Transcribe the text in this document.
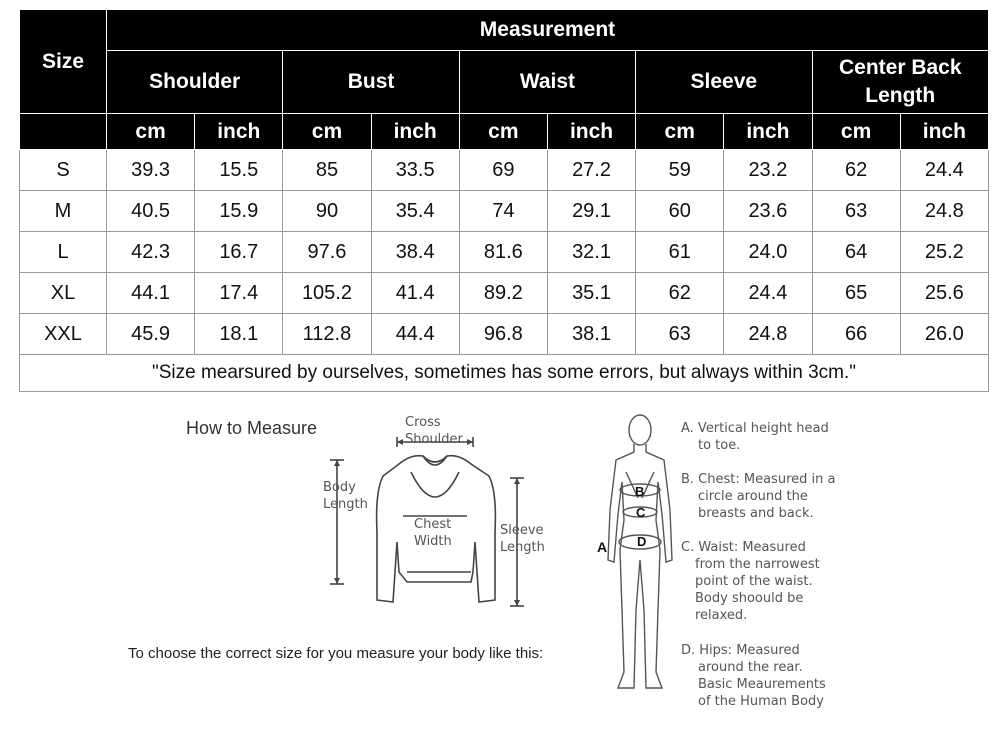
Size	Measurement									
	Shoulder		Bust		Waist		Sleeve		Center Back
Length	
	cm	inch	cm	inch	cm	inch	cm	inch	cm	inch
S	39.3	15.5	85	33.5	69	27.2	59	23.2	62	24.4
M	40.5	15.9	90	35.4	74	29.1	60	23.6	63	24.8
L	42.3	16.7	97.6	38.4	81.6	32.1	61	24.0	64	25.2
XL	44.1	17.4	105.2	41.4	89.2	35.1	62	24.4	65	25.6
XXL	45.9	18.1	112.8	44.4	96.8	38.1	63	24.8	66	26.0
"Size mearsured by ourselves, sometimes has some errors, but always within 3cm."										
How to Measure	Cross
Shoulder
Body
Length
Chest
Width
Sleeve
Length
To choose the correct size for you measure your body like this:
B
C
D
A
A. Vertical height head
to toe.
B. Chest: Measured in a
circle around the
breasts and back.
C. Waist: Measured
from the narrowest
point of the waist.
Body shoould be
relaxed.
D. Hips: Measured
around the rear.
Basic Meaurements
of the Human Body
